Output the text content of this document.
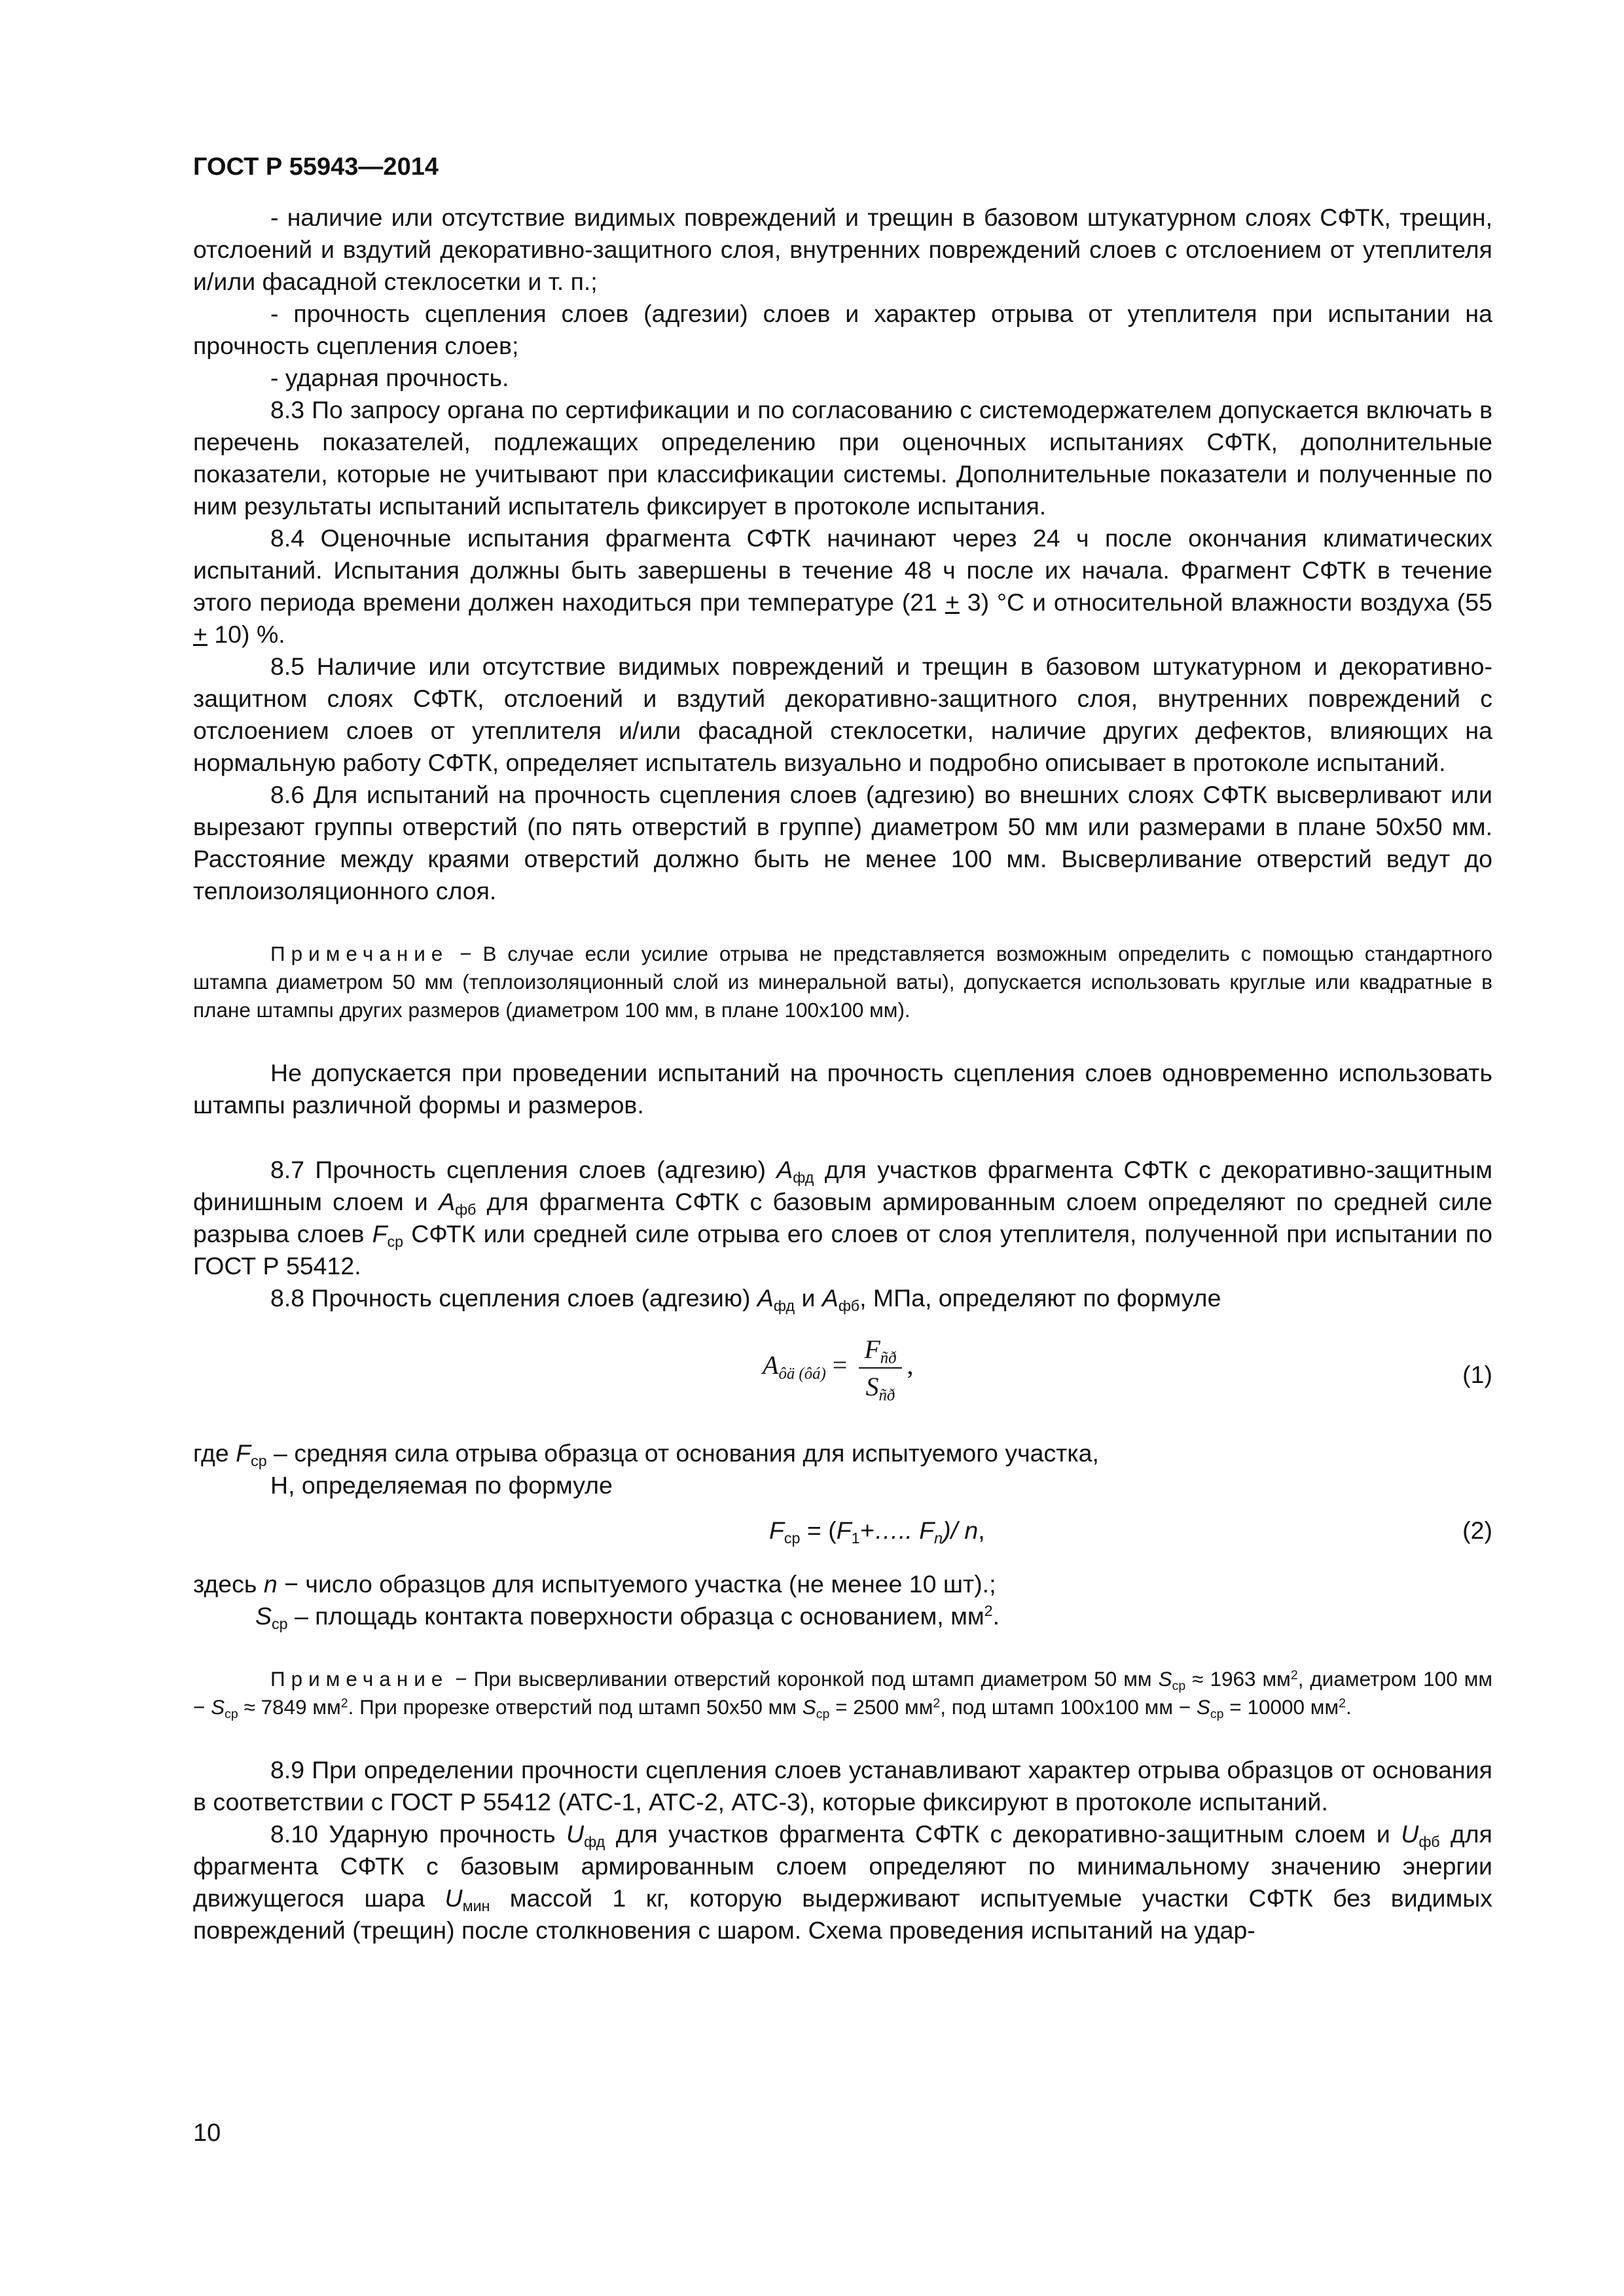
ГОСТ Р 55943—2014

- наличие или отсутствие видимых повреждений и трещин в базовом штукатурном слоях СФТК, трещин, отслоений и вздутий декоративно-защитного слоя, внутренних повреждений слоев с отслоением от утеплителя и/или фасадной стеклосетки и т. п.;

- прочность сцепления слоев (адгезии) слоев и характер отрыва от утеплителя при испытании на прочность сцепления слоев;

- ударная прочность.

8.3 По запросу органа по сертификации и по согласованию с системодержателем допускается включать в перечень показателей, подлежащих определению при оценочных испытаниях СФТК, дополнительные показатели, которые не учитывают при классификации системы. Дополнительные показатели и полученные по ним результаты испытаний испытатель фиксирует в протоколе испытания.

8.4 Оценочные испытания фрагмента СФТК начинают через 24 ч после окончания климатических испытаний. Испытания должны быть завершены в течение 48 ч после их начала. Фрагмент СФТК в течение этого периода времени должен находиться при температуре (21 + 3) °С и относительной влажности воздуха (55 + 10) %.

8.5 Наличие или отсутствие видимых повреждений и трещин в базовом штукатурном и декоративно-защитном слоях СФТК, отслоений и вздутий декоративно-защитного слоя, внутренних повреждений с отслоением слоев от утеплителя и/или фасадной стеклосетки, наличие других дефектов, влияющих на нормальную работу СФТК, определяет испытатель визуально и подробно описывает в протоколе испытаний.

8.6 Для испытаний на прочность сцепления слоев (адгезию) во внешних слоях СФТК высверливают или вырезают группы отверстий (по пять отверстий в группе) диаметром 50 мм или размерами в плане 50x50 мм. Расстояние между краями отверстий должно быть не менее 100 мм. Высверливание отверстий ведут до теплоизоляционного слоя.

Примечание − В случае если усилие отрыва не представляется возможным определить с помощью стандартного штампа диаметром 50 мм (теплоизоляционный слой из минеральной ваты), допускается использовать круглые или квадратные в плане штампы других размеров (диаметром 100 мм, в плане 100x100 мм).

Не допускается при проведении испытаний на прочность сцепления слоев одновременно использовать штампы различной формы и размеров.

8.7 Прочность сцепления слоев (адгезию) $А_{фд}$ для участков фрагмента СФТК с декоративно-защитным финишным слоем и $А_{фб}$ для фрагмента СФТК с базовым армированным слоем определяют по средней силе разрыва слоев $F_{ср}$ СФТК или средней силе отрыва его слоев от слоя утеплителя, полученной при испытании по ГОСТ Р 55412.

8.8 Прочность сцепления слоев (адгезию) $А_{фд}$ и $А_{фб}$, МПа, определяют по формуле

$A_{ôä (ôá)} = \frac{F_{ñð}}{S_{ñð}}$ ,	(1)

где $F_{ср}$ – средняя сила отрыва образца от основания для испытуемого участка,

Н, определяемая по формуле

$F_{ср}$ = ($F_1+\dots$.. $F_n)/$ n,	(2)

здесь n − число образцов для испытуемого участка (не менее 10 шт).;

$S_{ср}$ – площадь контакта поверхности образца с основанием, $мм^2$.

Примечание − При высверливании отверстий коронкой под штамп диаметром 50 мм $S_{ср} \approx 1963$ $мм^2$, диаметром 100 мм − $S_{ср} \approx 7849$ $мм^2$. При прорезке отверстий под штамп 50x50 мм $S_{ср} = 2500$ $мм^2$, под штамп 100x100 мм − $S_{ср} = 10000$ $мм^2$.

8.9 При определении прочности сцепления слоев устанавливают характер отрыва образцов от основания в соответствии с ГОСТ Р 55412 (АТС-1, АТС-2, АТС-3), которые фиксируют в протоколе испытаний.

8.10 Ударную прочность $U_{фд}$ для участков фрагмента СФТК с декоративно-защитным слоем и $U_{фб}$ для фрагмента СФТК с базовым армированным слоем определяют по минимальному значению энергии движущегося шара $U_{мин}$ массой 1 кг, которую выдерживают испытуемые участки СФТК без видимых повреждений (трещин) после столкновения с шаром. Схема проведения испытаний на удар-

10
